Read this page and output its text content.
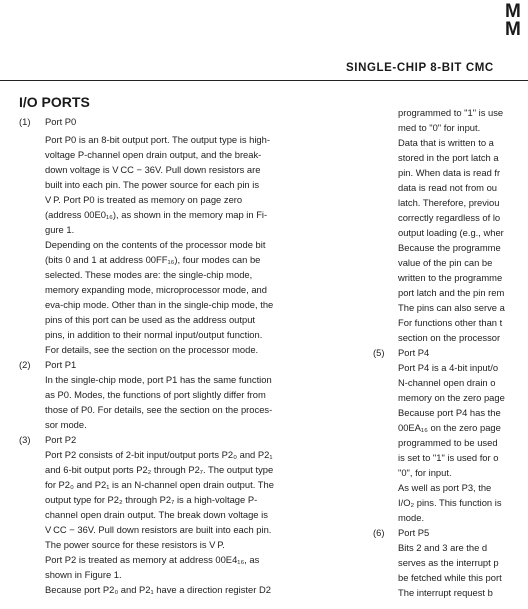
M
M
SINGLE-CHIP 8-BIT CMC
I/O PORTS
(1) Port P0
Port P0 is an 8-bit output port. The output type is high-
voltage P-channel open drain output, and the break-
down voltage is V CC − 36V. Pull down resistors are
built into each pin. The power source for each pin is
V P. Port P0 is treated as memory on page zero
(address 00E0₁₆), as shown in the memory map in Fi-
gure 1.
Depending on the contents of the processor mode bit
(bits 0 and 1 at address 00FF₁₆), four modes can be
selected. These modes are: the single-chip mode,
memory expanding mode, microprocessor mode, and
eva-chip mode. Other than in the single-chip mode, the
pins of this port can be used as the address output
pins, in addition to their normal input/output function.
For details, see the section on the processor mode.
(2) Port P1
In the single-chip mode, port P1 has the same function
as P0. Modes, the functions of port slightly differ from
those of P0. For details, see the section on the proces-
sor mode.
(3) Port P2
Port P2 consists of 2-bit input/output ports P2₀ and P2₁
and 6-bit output ports P2₂ through P2₇. The output type
for P2₀ and P2₁ is an N-channel open drain output. The
output type for P2₂ through P2₇ is a high-voltage P-
channel open drain output. The break down voltage is
V CC − 36V. Pull down resistors are built into each pin.
The power source for these resistors is V P.
Port P2 is treated as memory at address 00E4₁₆, as
shown in Figure 1.
Because port P2₀ and P2₁ have a direction register D2
programmed to "1" is use
med to "0" for input.
Data that is written to a
stored in the port latch a
pin. When data is read fr
data is read not from ou
latch. Therefore, previou
correctly regardless of lo
output loading (e.g., wher
Because the programme
value of the pin can be
written to the programme
port latch and the pin rem
The pins can also serve a
For functions other than t
section on the processor
(5) Port P4
Port P4 is a 4-bit input/o
N-channel open drain o
memory on the zero page
Because port P4 has the
00EA₁₆ on the zero page
programmed to be used
is set to "1" is used for o
"0", for input.
As well as port P3, the
I/O₂ pins. This function is
mode.
(6) Port P5
Bits 2 and 3 are the d
serves as the interrupt p
be fetched while this port
The interrupt request b
